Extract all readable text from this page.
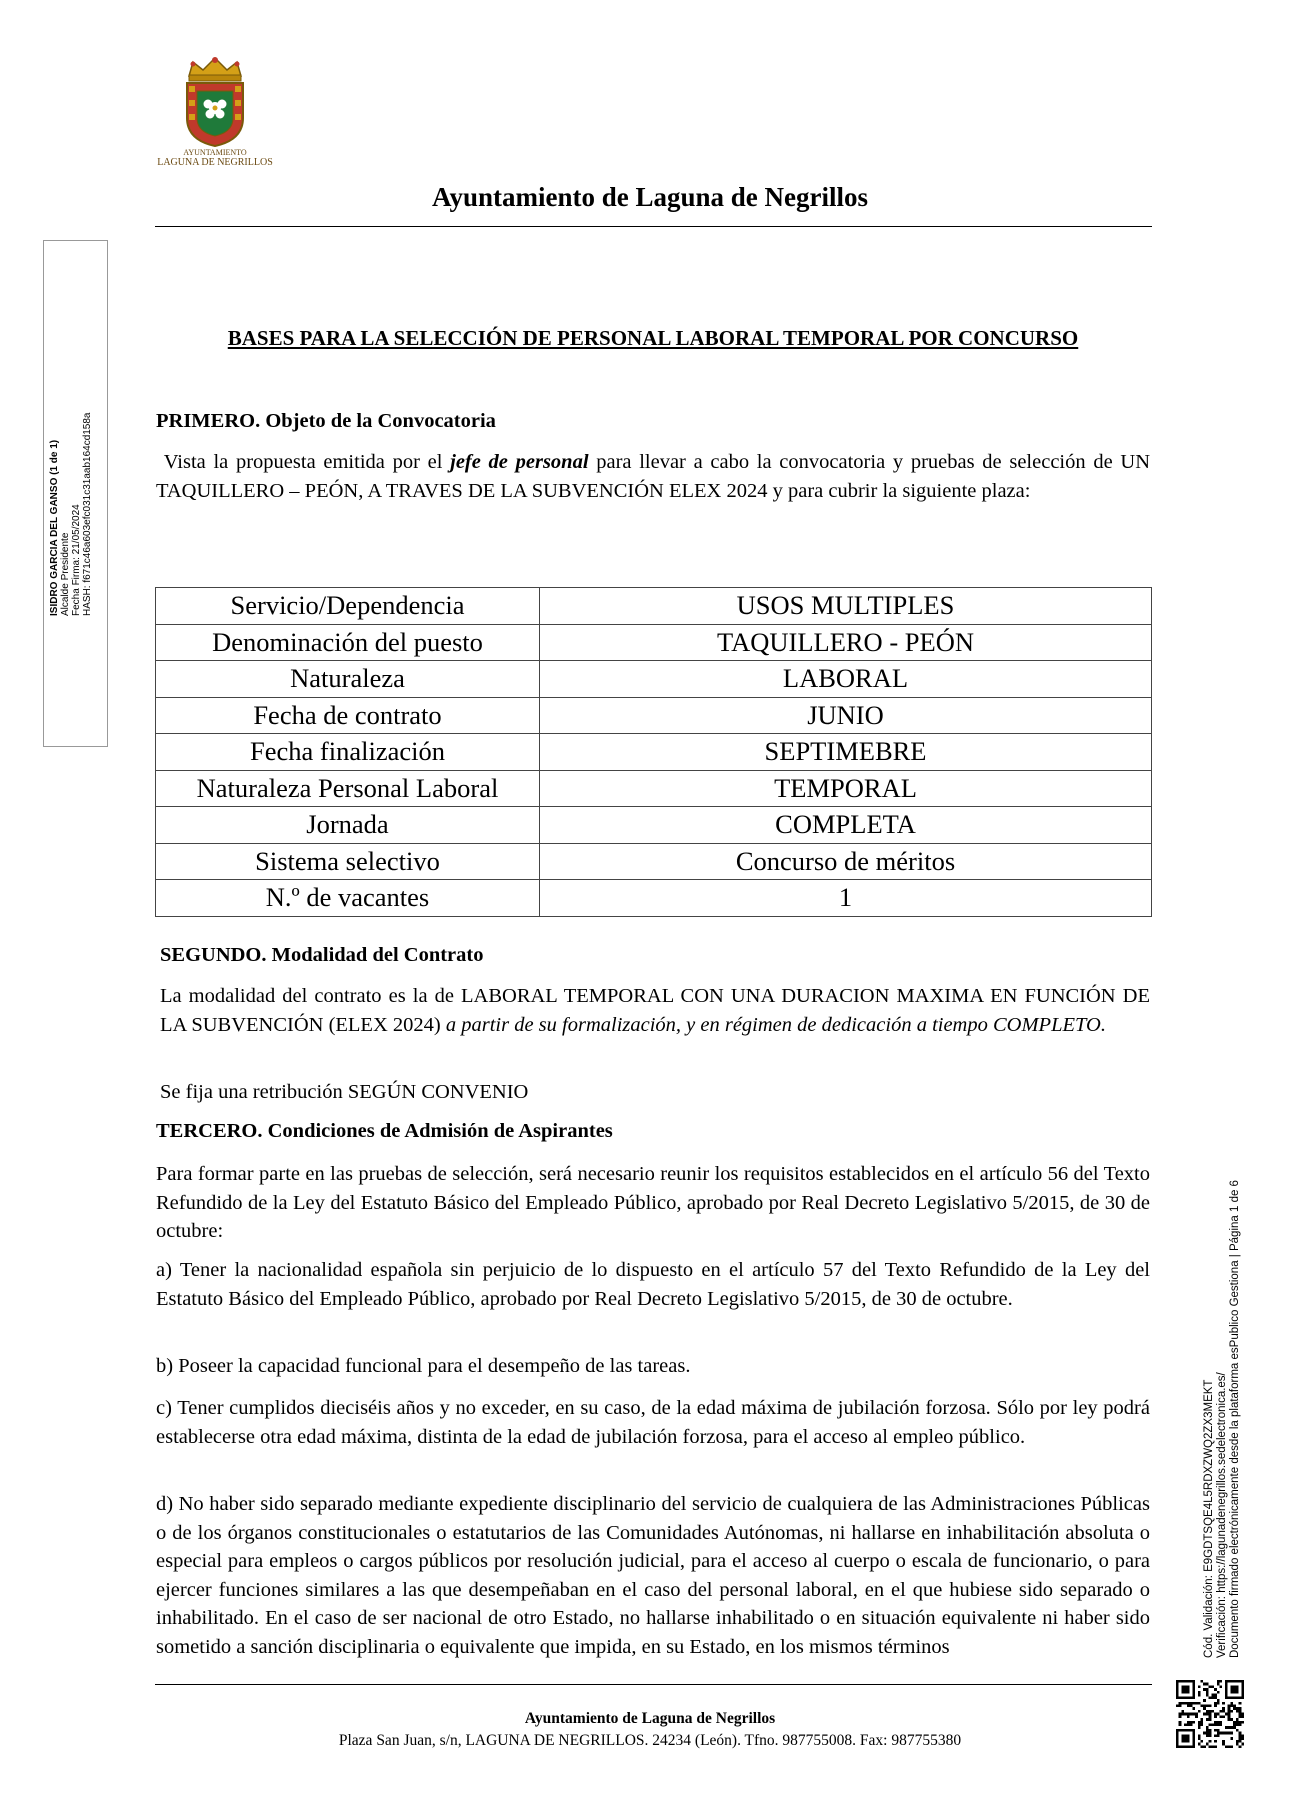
AYUNTAMIENTO
LAGUNA DE NEGRILLOS
Ayuntamiento de Laguna de Negrillos
ISIDRO GARCIA DEL GANSO (1 de 1) Alcalde Presidente Fecha Firma: 21/05/2024 HASH: f671c46a603efc031c31aab164cd158a
BASES PARA LA SELECCIÓN DE PERSONAL LABORAL TEMPORAL POR CONCURSO
PRIMERO. Objeto de la Convocatoria
Vista la propuesta emitida por el jefe de personal para llevar a cabo la convocatoria y pruebas de selección de UN TAQUILLERO – PEÓN, A TRAVES DE LA SUBVENCIÓN ELEX 2024 y para cubrir la siguiente plaza:
Servicio/Dependencia	USOS MULTIPLES
Denominación del puesto	TAQUILLERO - PEÓN
Naturaleza	LABORAL
Fecha de contrato	JUNIO
Fecha finalización	SEPTIMEBRE
Naturaleza Personal Laboral	TEMPORAL
Jornada	COMPLETA
Sistema selectivo	Concurso de méritos
N.º de vacantes	1
SEGUNDO. Modalidad del Contrato
La modalidad del contrato es la de LABORAL TEMPORAL CON UNA DURACION MAXIMA EN FUNCIÓN DE LA SUBVENCIÓN (ELEX 2024) a partir de su formalización, y en régimen de dedicación a tiempo COMPLETO.
Se fija una retribución SEGÚN CONVENIO
TERCERO. Condiciones de Admisión de Aspirantes
Para formar parte en las pruebas de selección, será necesario reunir los requisitos establecidos en el artículo 56 del Texto Refundido de la Ley del Estatuto Básico del Empleado Público, aprobado por Real Decreto Legislativo 5/2015, de 30 de octubre:
a) Tener la nacionalidad española sin perjuicio de lo dispuesto en el artículo 57 del Texto Refundido de la Ley del Estatuto Básico del Empleado Público, aprobado por Real Decreto Legislativo 5/2015, de 30 de octubre.
b) Poseer la capacidad funcional para el desempeño de las tareas.
c) Tener cumplidos dieciséis años y no exceder, en su caso, de la edad máxima de jubilación forzosa. Sólo por ley podrá establecerse otra edad máxima, distinta de la edad de jubilación forzosa, para el acceso al empleo público.
d) No haber sido separado mediante expediente disciplinario del servicio de cualquiera de las Administraciones Públicas o de los órganos constitucionales o estatutarios de las Comunidades Autónomas, ni hallarse en inhabilitación absoluta o especial para empleos o cargos públicos por resolución judicial, para el acceso al cuerpo o escala de funcionario, o para ejercer funciones similares a las que desempeñaban en el caso del personal laboral, en el que hubiese sido separado o inhabilitado. En el caso de ser nacional de otro Estado, no hallarse inhabilitado o en situación equivalente ni haber sido sometido a sanción disciplinaria o equivalente que impida, en su Estado, en los mismos términos
Ayuntamiento de Laguna de Negrillos
Plaza San Juan, s/n, LAGUNA DE NEGRILLOS. 24234 (León). Tfno. 987755008. Fax: 987755380
Cód. Validación: E9GDTSQE4L5RDXZWQ2ZX3MEKT Verificación: https://lagunadenegrillos.sedelectronica.es/ Documento firmado electrónicamente desde la plataforma esPublico Gestiona | Página 1 de 6
